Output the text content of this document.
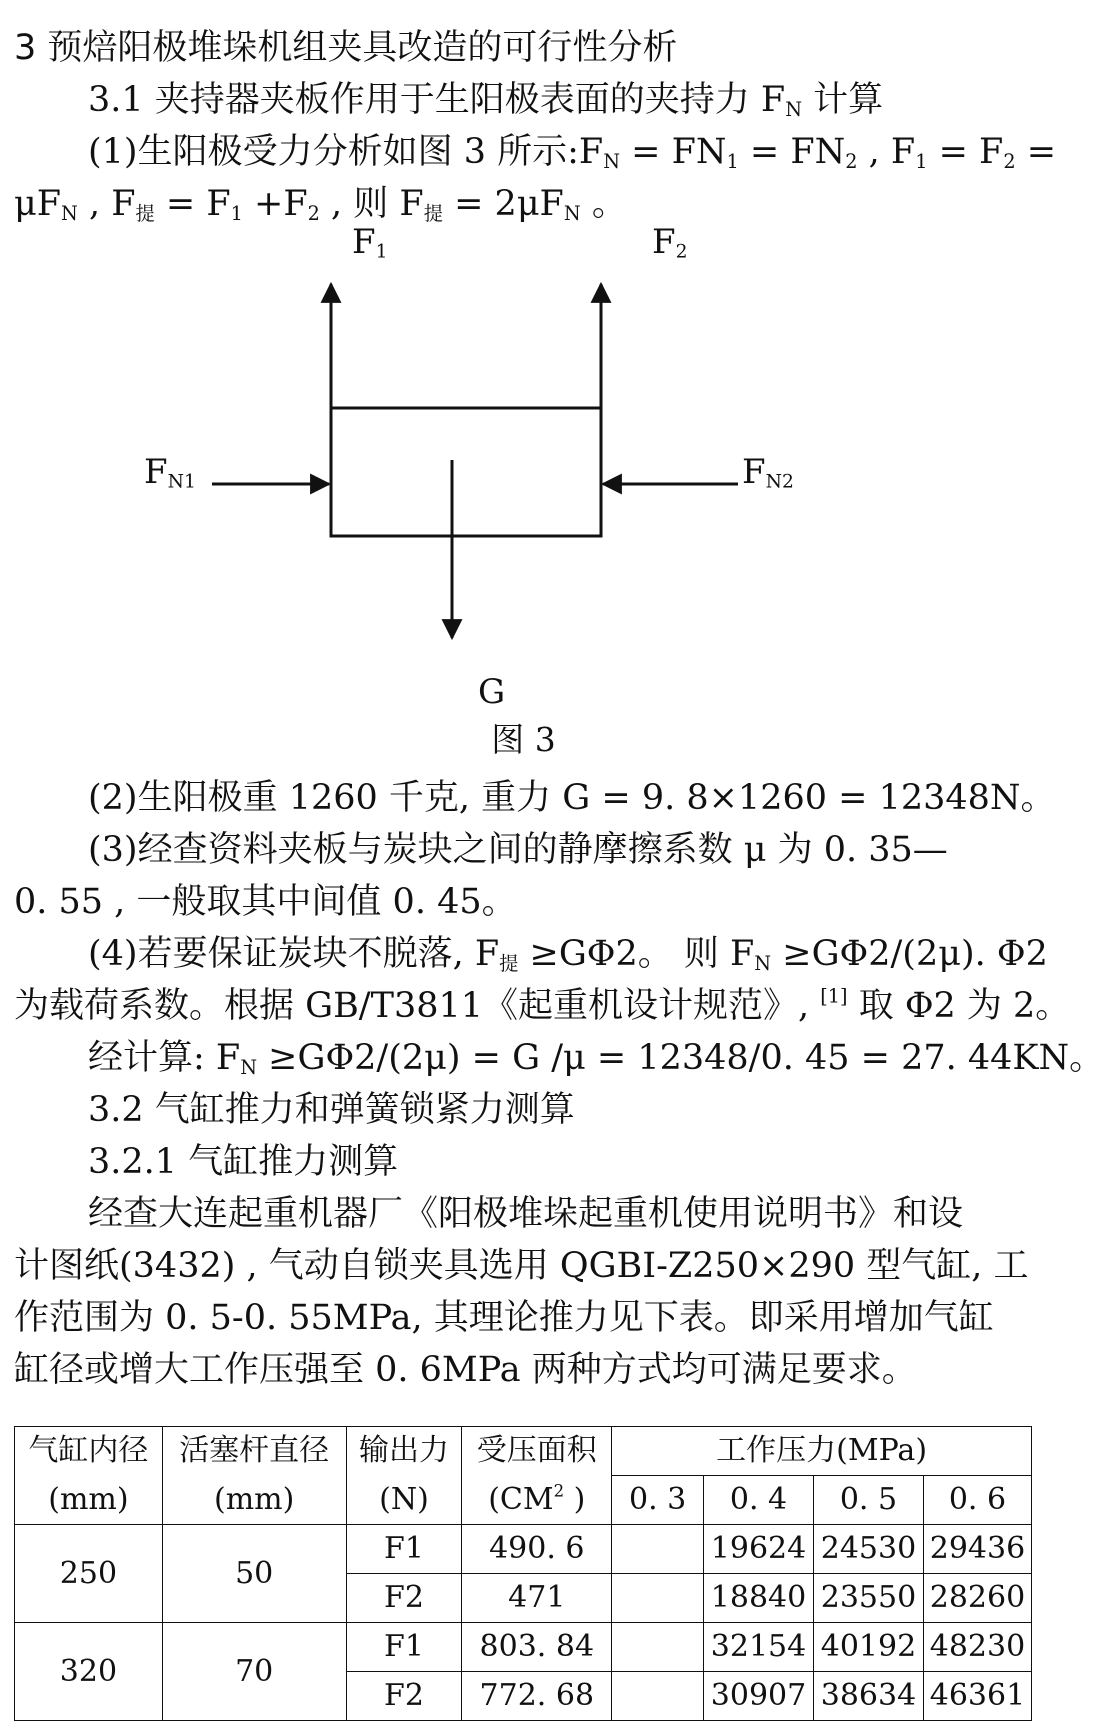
3 预焙阳极堆垛机组夹具改造的可行性分析
3.1 夹持器夹板作用于生阳极表面的夹持力 $F_N$ 计算
(1)生阳极受力分析如图 3 所示$:F_N = FN_1 = FN_2$ , $F_1 = F_2$ =
$\mu F_N$ , $F_提 = F_1 +F_2$ , 则 $F_提 = 2\mu F_N$ 。
$F_1$	$F_2$
$F_{N1}$	$F_{N2}$
G
图 3
(2)生阳极重 1260 千克, 重力 G = 9. 8×1260 = 12348N。
(3)经查资料夹板与炭块之间的静摩擦系数 μ 为 0. 35—
0. 55 , 一般取其中间值 0. 45。
(4)若要保证炭块不脱落, $F_提 \ge G\Phi 2$。 则 $F_N \ge G\Phi 2/(2\mu)$. Φ2
为载荷系数。根据 GB/T3811《起重机设计规范》, [1] 取 Φ2 为 2。
经计算: $F_N \ge G\Phi 2/(2\mu) = G$ /μ = 12348/0. 45 = 27. 44KN。
3.2 气缸推力和弹簧锁紧力测算
3.2.1 气缸推力测算
经查大连起重机器厂《阳极堆垛起重机使用说明书》和设
计图纸(3432) , 气动自锁夹具选用 QGBI-Z250×290 型气缸, 工
作范围为 0. 5-0. 55MPa, 其理论推力见下表。即采用增加气缸
缸径或增大工作压强至 0. 6MPa 两种方式均可满足要求。
气缸内径	活塞杆直径	输出力	受压面积	工作压力(MPa)			
(mm)	(mm)	(N)	($CM^2$ )	0. 3	0. 4	0. 5	0. 6
250	50	F1	490. 6		19624	24530	29436
		F2	471		18840	23550	28260
320	70	F1	803. 84		32154	40192	48230
		F2	772. 68		30907	38634	46361
